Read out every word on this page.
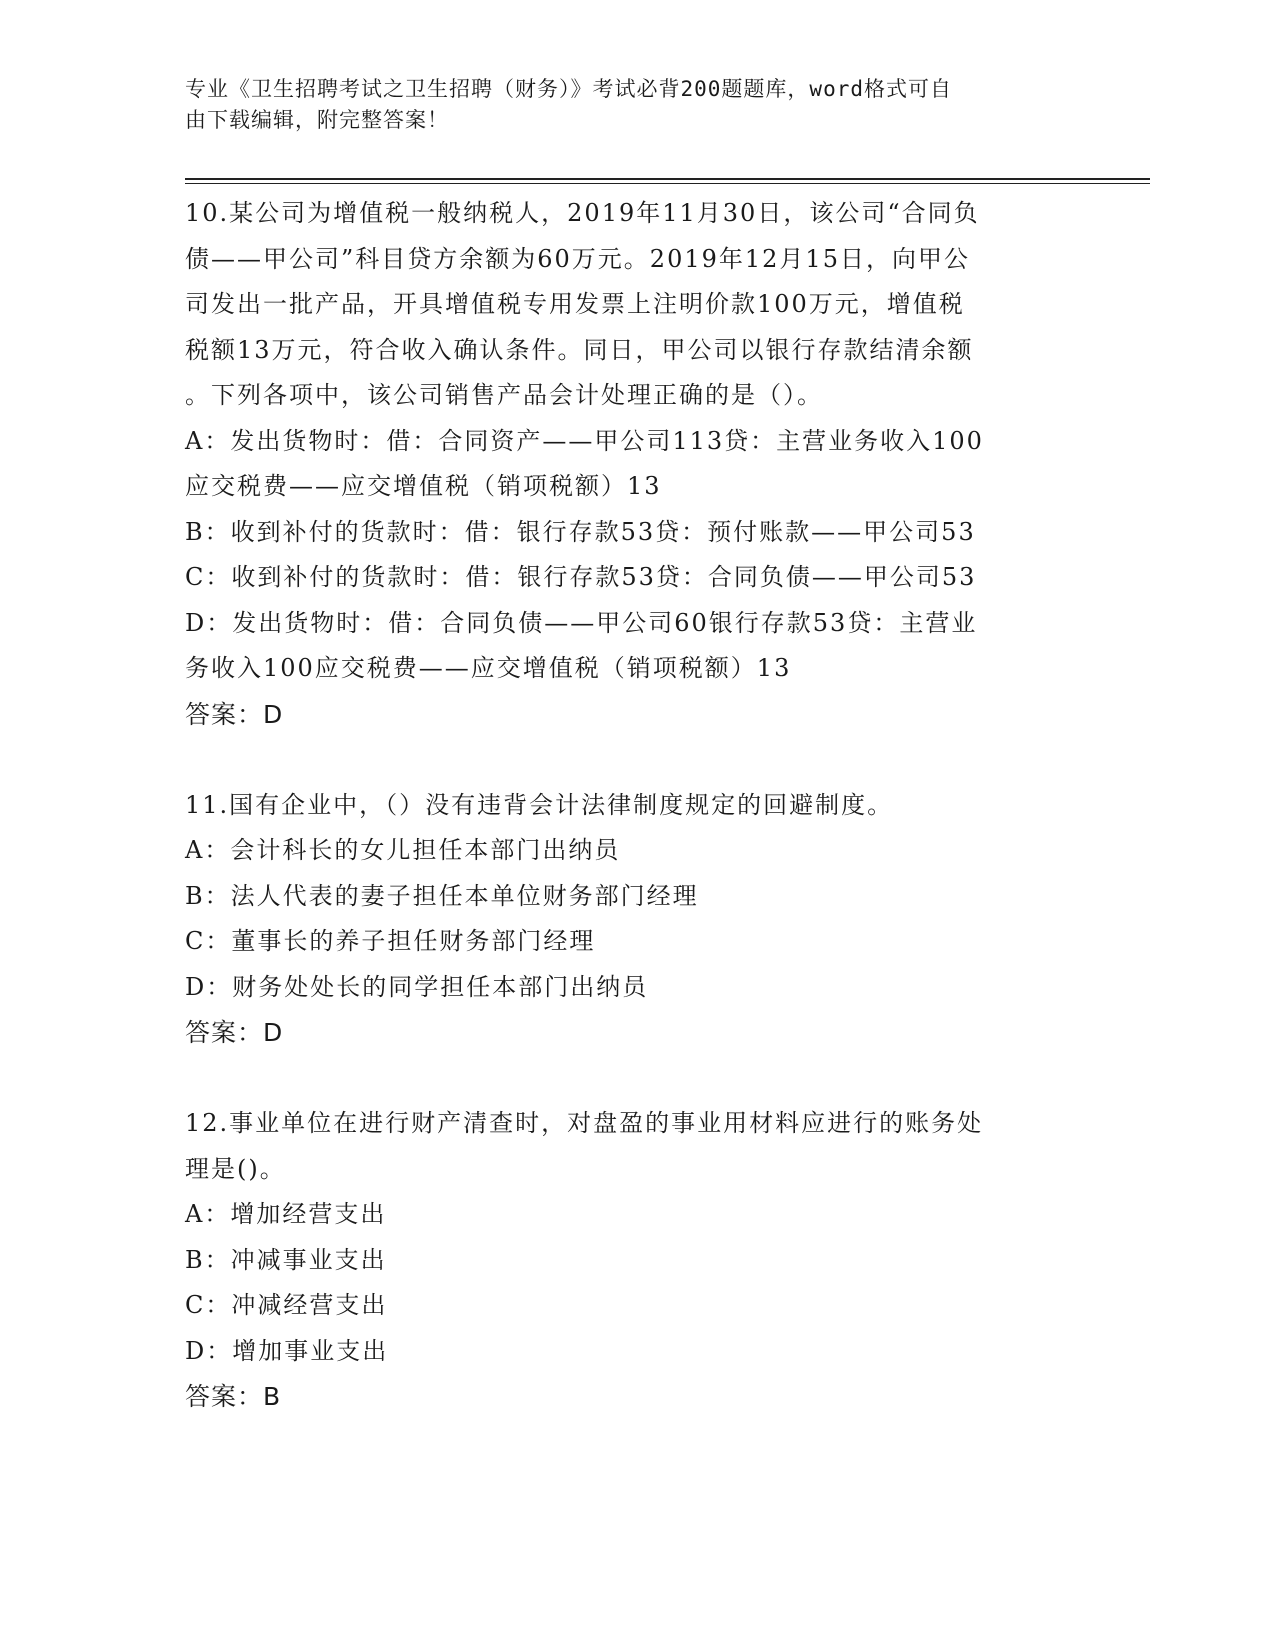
专业《卫生招聘考试之卫生招聘（财务）》考试必背200题题库，word格式可自
由下载编辑，附完整答案！
10.某公司为增值税一般纳税人，2019年11月30日，该公司“合同负
债——甲公司”科目贷方余额为60万元。2019年12月15日，向甲公
司发出一批产品，开具增值税专用发票上注明价款100万元，增值税
税额13万元，符合收入确认条件。同日，甲公司以银行存款结清余额
。下列各项中，该公司销售产品会计处理正确的是（）。
A：发出货物时：借：合同资产——甲公司113贷：主营业务收入100
应交税费——应交增值税（销项税额）13
B：收到补付的货款时：借：银行存款53贷：预付账款——甲公司53
C：收到补付的货款时：借：银行存款53贷：合同负债——甲公司53
D：发出货物时：借：合同负债——甲公司60银行存款53贷：主营业
务收入100应交税费——应交增值税（销项税额）13
答案：D
11.国有企业中，（）没有违背会计法律制度规定的回避制度。
A：会计科长的女儿担任本部门出纳员
B：法人代表的妻子担任本单位财务部门经理
C：董事长的养子担任财务部门经理
D：财务处处长的同学担任本部门出纳员
答案：D
12.事业单位在进行财产清查时，对盘盈的事业用材料应进行的账务处
理是()。
A：增加经营支出
B：冲减事业支出
C：冲减经营支出
D：增加事业支出
答案：B
